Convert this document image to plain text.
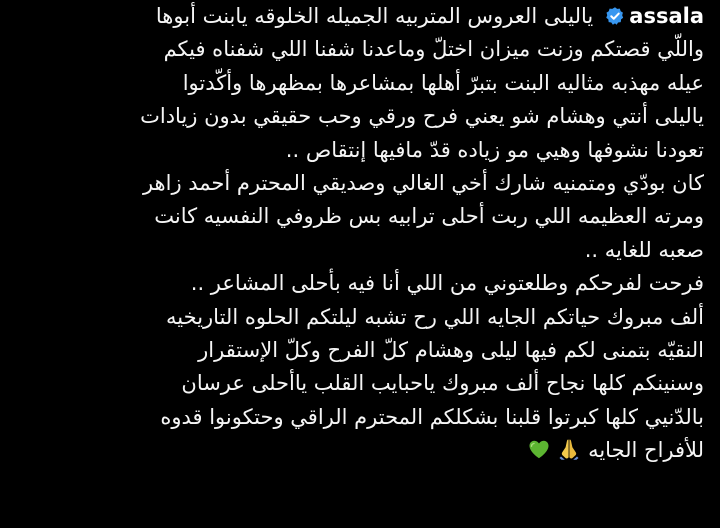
assalaياليلى العروس المتربيه الجميله الخلوقه يابنت أبوها
واللّي قصتكم وزنت ميزان اختلّ وماعدنا شفنا اللي شفناه فيكم
عيله مهذبه مثاليه البنت بتبرّ أهلها بمشاعرها بمظهرها وأكّدتوا
ياليلى أنتي وهشام شو يعني فرح ورقي وحب حقيقي بدون زيادات
تعودنا نشوفها وهيي مو زياده قدّ مافيها إنتقاص ..
كان بودّي ومتمنيه شارك أخي الغالي وصديقي المحترم أحمد زاهر
ومرته العظيمه اللي ربت أحلى ترابيه بس ظروفي النفسيه كانت
صعبه للغايه ..
فرحت لفرحكم وطلعتوني من اللي أنا فيه بأحلى المشاعر ..
ألف مبروك حياتكم الجايه اللي رح تشبه ليلتكم الحلوه التاريخيه
النقيّه بتمنى لكم فيها ليلى وهشام كلّ الفرح وكلّ الإستقرار
وسنينكم كلها نجاح ألف مبروك ياحبايب القلب ياأحلى عرسان
بالدّنيي كلها كبرتوا قلبنا بشكلكم المحترم الراقي وحتكونوا قدوه
للأفراح الجايه
